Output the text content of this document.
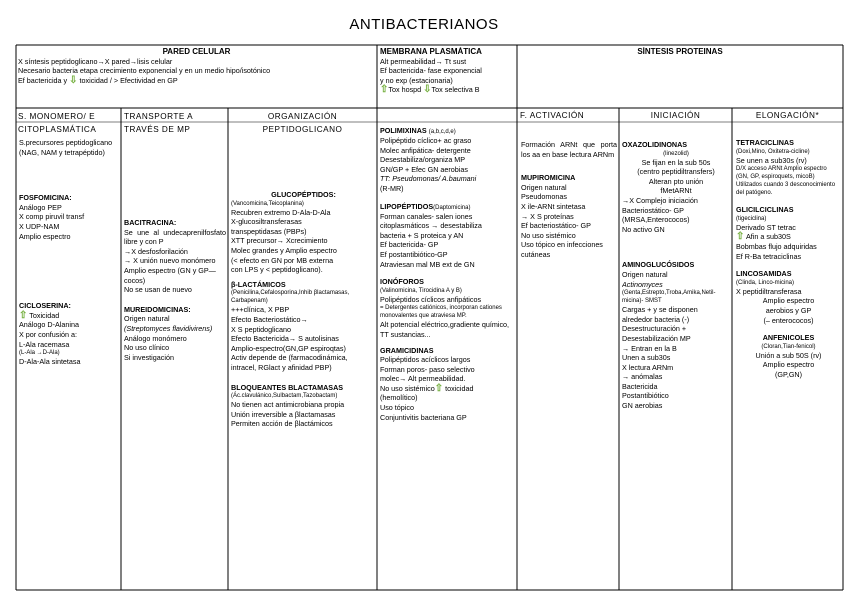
ANTIBACTERIANOS
PARED CELULAR

X síntesis peptidoglicano→X pared→lisis celular

Necesario bacteria etapa crecimiento exponencial y en un medio hipo/isotónico

Ef bactericida y ⇩ toxicidad / > Efectividad en GP

MEMBRANA PLASMÁTICA

Alt permeabilidad→ Tt sust

Ef bactericida- fase exponencial

y no exp (estacionaria)

⇧Tox hospd ⇩Tox selectiva B

SÍNTESIS PROTEINAS
S. MONOMERO/ E CITOPLASMÁTICA
TRANSPORTE A TRAVÉS DE MP
ORGANIZACIÓN PEPTIDOGLICANO
F. ACTIVACIÓN	INICIACIÓN	ELONGACIÓN*

S.precursores peptidoglicano (NAG, NAM y tetrapéptido)

FOSFOMICINA:

Análogo PEP

X comp piruvil transf

X UDP-NAM

Amplio espectro

CICLOSERINA:

⇧ Toxicidad

Análogo D-Alanina

X por confusión a:

L-Ala racemasa

(L-Ala →D-Ala)

D-Ala-Ala sintetasa

BACITRACINA:

Se une al undecaprenilfosfato libre y con P

→X desfosforilación

→ X unión nuevo monómero

Amplio espectro (GN y GP—cocos)

No se usan de nuevo

MUREIDOMICINAS:

Origen natural

(Streptomyces flavidivirens)

Análogo monómero

No uso clínico

Si investigación

GLUCOPÉPTIDOS:

(Vancomicina,Teicoplanina)

Recubren extremo D-Ala-D-Ala

X-glucosiltransferasas

transpeptidasas (PBPs)

XTT precursor→ Xcrecimiento

Molec grandes y Amplio espectro

(< efecto en GN por MB externa

con LPS y < peptidoglicano).

β-LACTÁMICOS

(Penicilina,Cefalosporina,Inhib βlactamasas, Carbapenam)

+++clínica, X PBP

Efecto Bacteriostático→

X S peptidoglicano

Efecto Bactericida→ S autolisinas

Amplio-espectro(GN,GP espiroqtas)

Activ depende de (farmacodinámica,

intracel, RGlact y afinidad PBP)

BLOQUEANTES BLACTAMASAS

(Ác.clavulánico,Sulbactam,Tazobactam)

No tienen act antimicrobiana propia

Unión irreversible a βlactamasas

Permiten acción de βlactámicos

POLIMIXINAS (a,b,c,d,e)

Polipéptido cíclico+ ac graso

Molec anfipática- detergente

Desestabiliza/organiza MP

GN/GP + Efec GN aerobias

TT: Pseudomonas/ A.baumani

(R-MR)

LIPOPÉPTIDOS(Daptomicina)

Forman canales- salen iones

citoplasmáticos → desestabiliza

bacteria + S proteica y AN

Ef bactericida- GP

Ef postantibiótico-GP

Atraviesan mal MB ext de GN

IONÓFOROS

(Valinomicina, Tirocidina A y B)

Polipéptidos cíclicos anfipáticos

= Detergentes catiónicos, incorporan cationes monovalentes que atraviesa MP.

Alt potencial eléctrico,gradiente químico, TT sustancias...

GRAMICIDINAS

Polipéptidos acíclicos largos

Forman poros- paso selectivo

molec→ Alt permeabilidad.

No uso sistémico⇧ toxicidad

(hemolítico)

Uso tópico

Conjuntivitis bacteriana GP

Formación ARNt que porta los aa en base lectura ARNm

MUPIROMICINA

Origen natural

Pseudomonas

X ile-ARNt sintetasa

→ X S proteínas

Ef bacteriostático- GP

No uso sistémico

Uso tópico en infecciones cutáneas

OXAZOLIDINONAS

(linezolid)

Se fijan en la sub 50s

(centro peptidiltransfers)

Alteran pto unión

fMetARNt

→X Complejo iniciación

Bacteriostático- GP

(MRSA,Enterococos)

No activo GN

AMINOGLUCÓSIDOS

Origen natural

Actinomyces

(Genta,Estrepto,Troba,Amika,Netil-micina)- SMST

Cargas + y se disponen alrededor bacteria (-)

Desestructuración + Desestabilización MP

→ Entran en la B

Unen a sub30s

X lectura ARNm

→ anómalas

Bactericida

Postantibiótico

GN aerobias

TETRACICLINAS

(Doxi,Mino, Oxitetra-cicline)

Se unen a sub30s (rv)

D/X acceso ARNt Amplio espectro (GN, GP, espiroquets, micoB) Utilizados cuando 3 desconocimiento del patógeno.

GLICILCICLINAS

(tigeciclina)

Derivado ST tetrac

⇧ Afin a sub30S

Bobmbas flujo adquiridas

Ef R-Ba tetraciclinas

LINCOSAMIDAS

(Clinda, Linco-micina)

X peptidiltransferasa

Amplio espectro

aerobios y GP

(– enterococos)

ANFENICOLES

(Cloran,Tian-fenicol)

Unión a sub 50S (rv)

Amplio espectro

(GP,GN)
